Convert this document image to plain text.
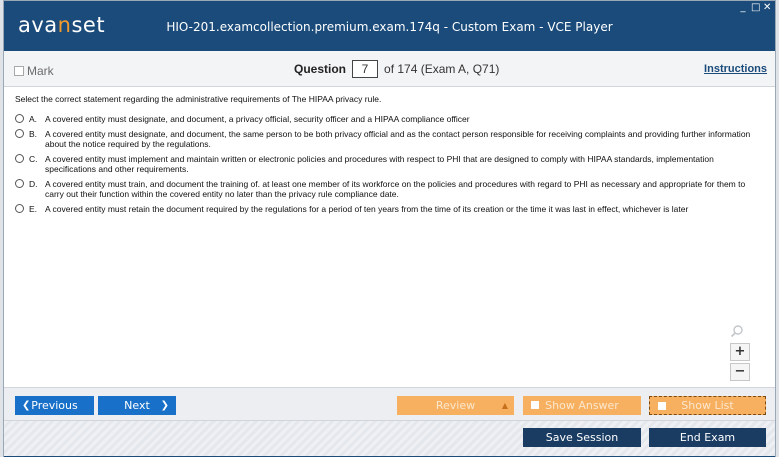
avanset	HIO-201.examcollection.premium.exam.174q - Custom Exam - VCE Player
_ □ ✕
Mark	Question	7	of 174 (Exam A, Q71)	Instructions
Select the correct statement regarding the administrative requirements of The HIPAA privacy rule.
A. A covered entity must designate, and document, a privacy official, security officer and a HIPAA compliance officer
B. A covered entity must designate, and document, the same person to be both privacy official and as the contact person responsible for receiving complaints and providing further information about the notice required by the regulations.
C. A covered entity must implement and maintain written or electronic policies and procedures with respect to PHI that are designed to comply with HIPAA standards, implementation specifications and other requirements.
D. A covered entity must train, and document the training of. at least one member of its workforce on the policies and procedures with regard to PHI as necessary and appropriate for them to carry out their function within the covered entity no later than the privacy rule compliance date.
E. A covered entity must retain the document required by the regulations for a period of ten years from the time of its creation or the time it was last in effect, whichever is later
+
−
❮ Previous	Next ❯	Review	▲	Show Answer	Show List
Save Session	End Exam
